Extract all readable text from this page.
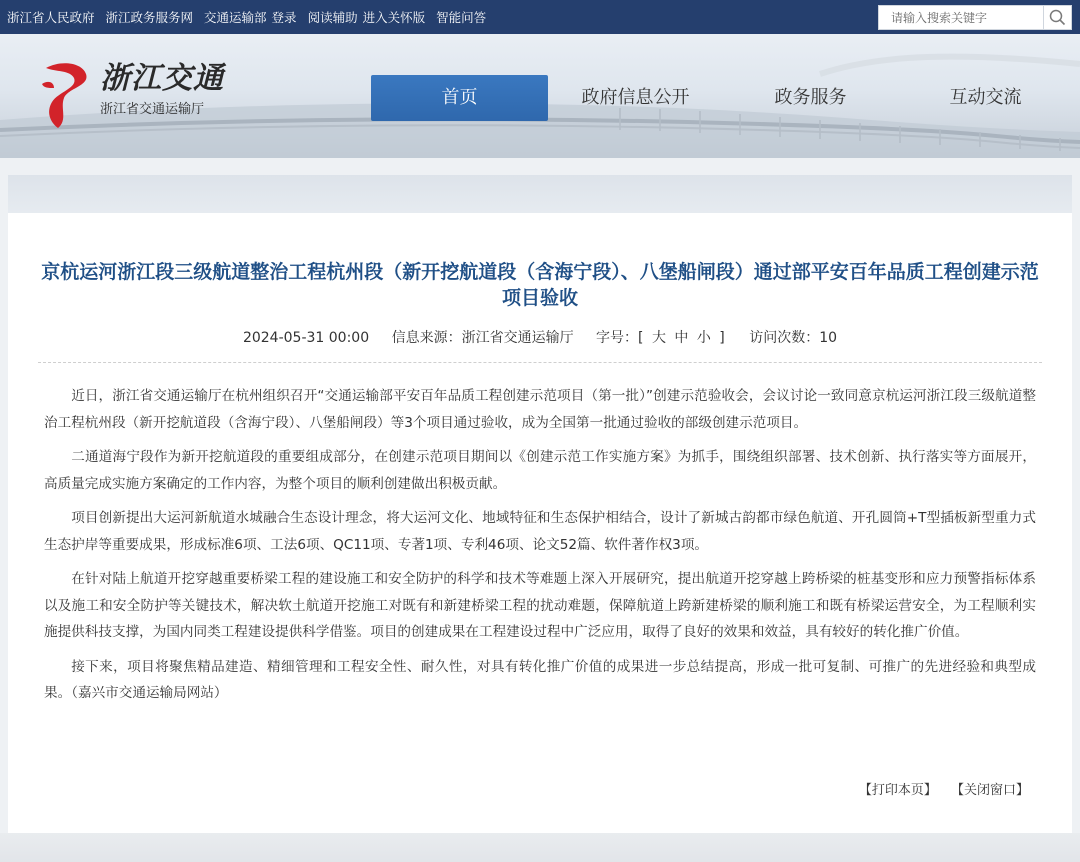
浙江省人民政府 浙江政务服务网 交通运输部 登录 阅读辅助 进入关怀版 智能问答
请输入搜索关键字
浙江交通
浙江省交通运输厅
首页	政府信息公开	政务服务	互动交流
京杭运河浙江段三级航道整治工程杭州段（新开挖航道段（含海宁段）、八堡船闸段）通过部平安百年品质工程创建示范项目验收
2024-05-31 00:00 信息来源：浙江省交通运输厅 字号：[ 大 中 小 ] 访问次数：10

近日，浙江省交通运输厅在杭州组织召开“交通运输部平安百年品质工程创建示范项目（第一批）”创建示范验收会，会议讨论一致同意京杭运河浙江段三级航道整治工程杭州段（新开挖航道段（含海宁段）、八堡船闸段）等3个项目通过验收，成为全国第一批通过验收的部级创建示范项目。

二通道海宁段作为新开挖航道段的重要组成部分，在创建示范项目期间以《创建示范工作实施方案》为抓手，围绕组织部署、技术创新、执行落实等方面展开，高质量完成实施方案确定的工作内容，为整个项目的顺利创建做出积极贡献。

项目创新提出大运河新航道水城融合生态设计理念，将大运河文化、地域特征和生态保护相结合，设计了新城古韵都市绿色航道、开孔圆筒+T型插板新型重力式生态护岸等重要成果，形成标准6项、工法6项、QC11项、专著1项、专利46项、论文52篇、软件著作权3项。

在针对陆上航道开挖穿越重要桥梁工程的建设施工和安全防护的科学和技术等难题上深入开展研究，提出航道开挖穿越上跨桥梁的桩基变形和应力预警指标体系以及施工和安全防护等关键技术，解决软土航道开挖施工对既有和新建桥梁工程的扰动难题，保障航道上跨新建桥梁的顺利施工和既有桥梁运营安全，为工程顺利实施提供科技支撑，为国内同类工程建设提供科学借鉴。项目的创建成果在工程建设过程中广泛应用，取得了良好的效果和效益，具有较好的转化推广价值。

接下来，项目将聚焦精品建造、精细管理和工程安全性、耐久性，对具有转化推广价值的成果进一步总结提高，形成一批可复制、可推广的先进经验和典型成果。（嘉兴市交通运输局网站）

【打印本页】 【关闭窗口】
